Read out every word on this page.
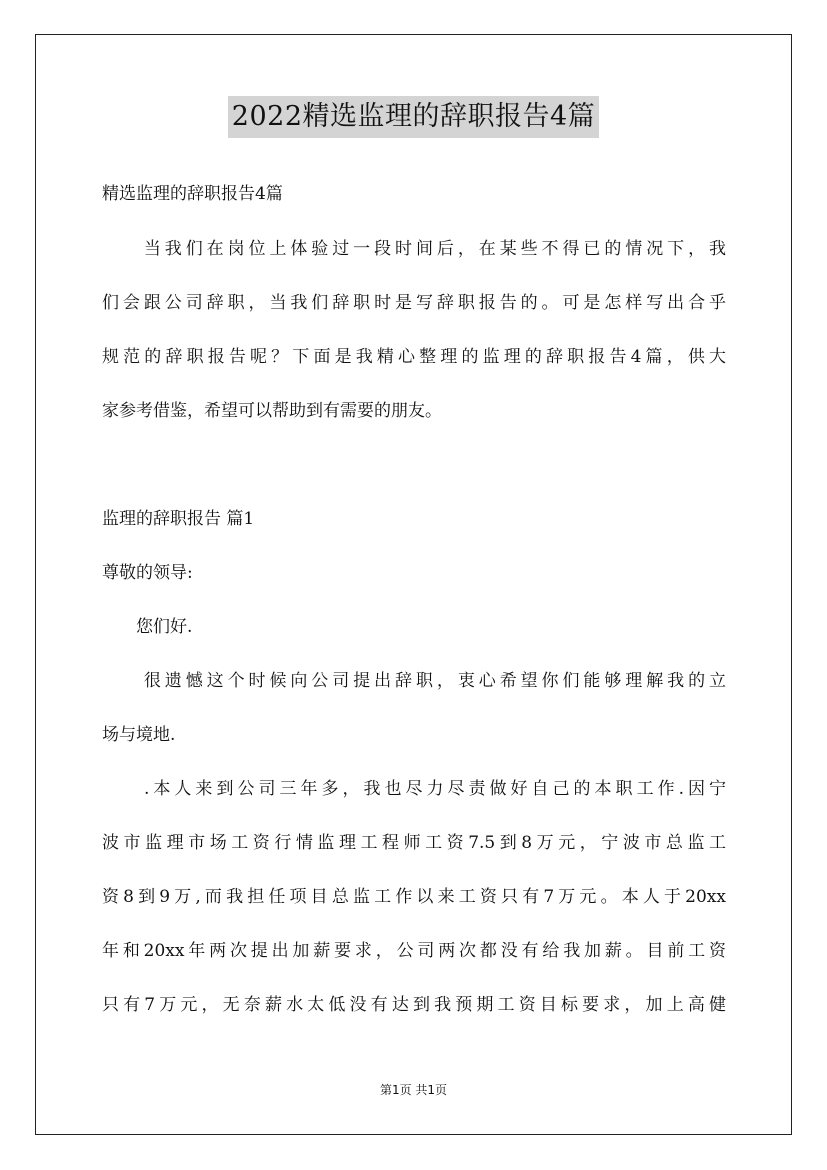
2022精选监理的辞职报告4篇
精选监理的辞职报告4篇
　　当我们在岗位上体验过一段时间后，在某些不得已的情况下，我
们会跟公司辞职，当我们辞职时是写辞职报告的。可是怎样写出合乎
规范的辞职报告呢？下面是我精心整理的监理的辞职报告4篇，供大
家参考借鉴，希望可以帮助到有需要的朋友。
监理的辞职报告 篇1
尊敬的领导:
　　您们好.
　　很遗憾这个时候向公司提出辞职，衷心希望你们能够理解我的立
场与境地.
　　.本人来到公司三年多，我也尽力尽责做好自己的本职工作.因宁
波市监理市场工资行情监理工程师工资7.5到8万元，宁波市总监工
资8到9万,而我担任项目总监工作以来工资只有7万元。本人于20xx
年和20xx年两次提出加薪要求，公司两次都没有给我加薪。目前工资
只有7万元，无奈薪水太低没有达到我预期工资目标要求，加上高健
第1页 共1页
